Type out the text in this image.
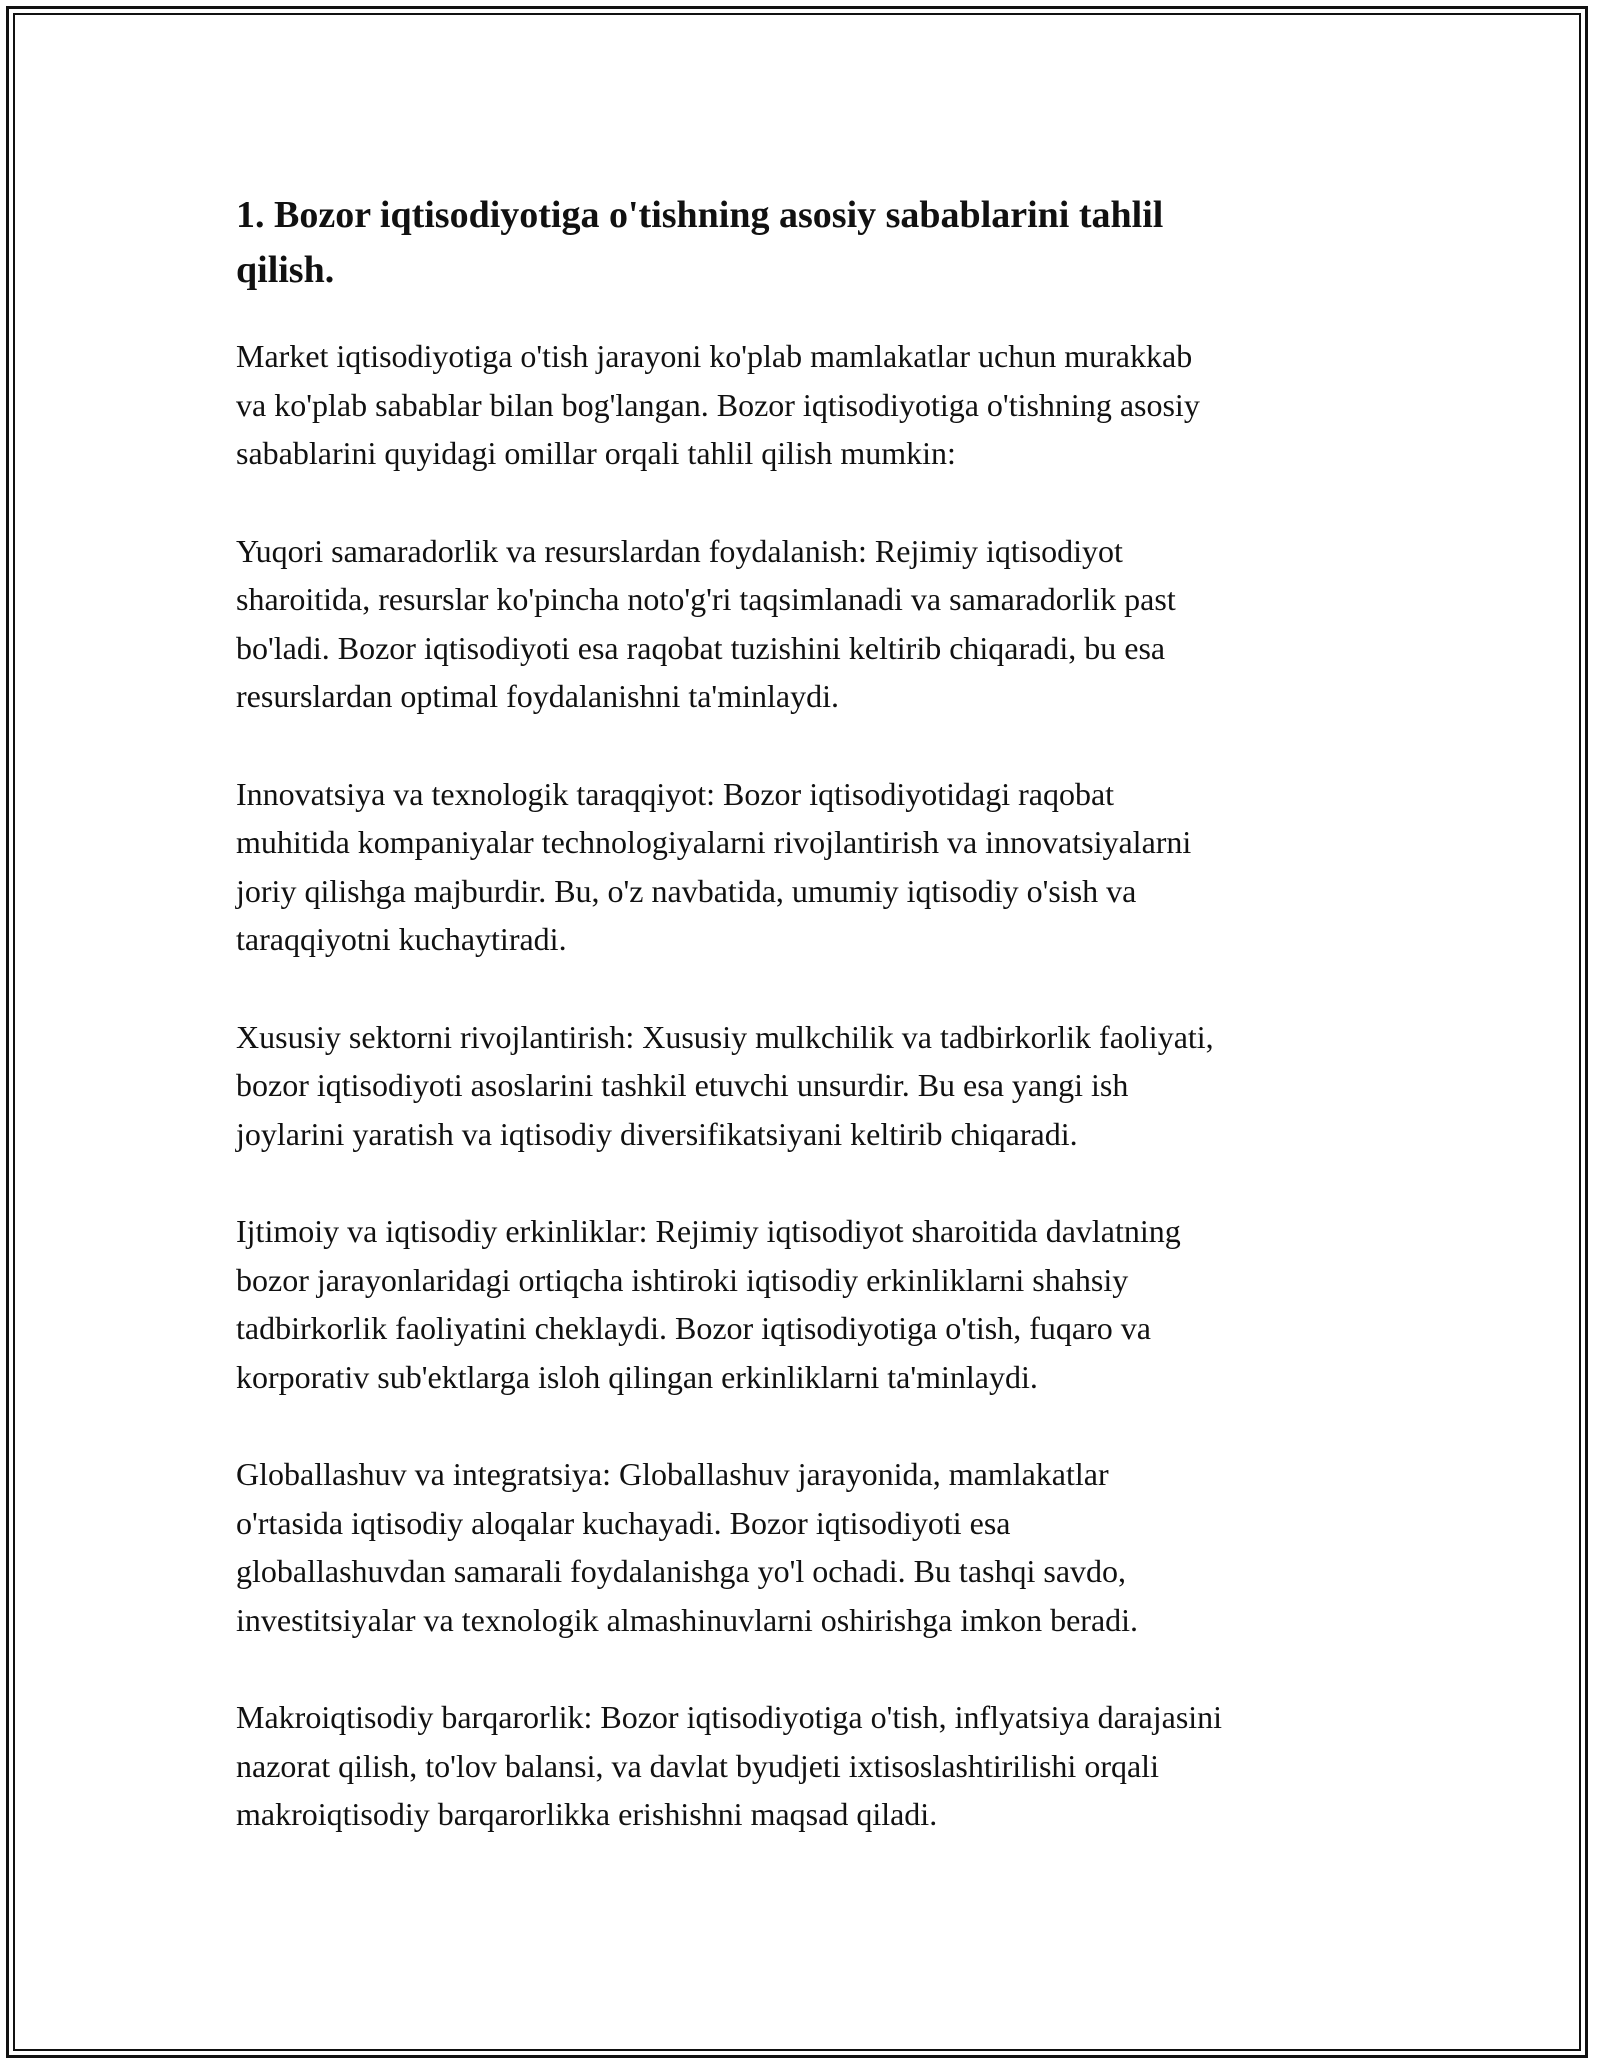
1. Bozor iqtisodiyotiga o'tishning asosiy sabablarini tahlil
qilish.

Market iqtisodiyotiga o'tish jarayoni ko'plab mamlakatlar uchun murakkab
va ko'plab sabablar bilan bog'langan. Bozor iqtisodiyotiga o'tishning asosiy
sabablarini quyidagi omillar orqali tahlil qilish mumkin:

Yuqori samaradorlik va resurslardan foydalanish: Rejimiy iqtisodiyot
sharoitida, resurslar ko'pincha noto'g'ri taqsimlanadi va samaradorlik past
bo'ladi. Bozor iqtisodiyoti esa raqobat tuzishini keltirib chiqaradi, bu esa
resurslardan optimal foydalanishni ta'minlaydi.

Innovatsiya va texnologik taraqqiyot: Bozor iqtisodiyotidagi raqobat
muhitida kompaniyalar technologiyalarni rivojlantirish va innovatsiyalarni
joriy qilishga majburdir. Bu, o'z navbatida, umumiy iqtisodiy o'sish va
taraqqiyotni kuchaytiradi.

Xususiy sektorni rivojlantirish: Xususiy mulkchilik va tadbirkorlik faoliyati,
bozor iqtisodiyoti asoslarini tashkil etuvchi unsurdir. Bu esa yangi ish
joylarini yaratish va iqtisodiy diversifikatsiyani keltirib chiqaradi.

Ijtimoiy va iqtisodiy erkinliklar: Rejimiy iqtisodiyot sharoitida davlatning
bozor jarayonlaridagi ortiqcha ishtiroki iqtisodiy erkinliklarni shahsiy
tadbirkorlik faoliyatini cheklaydi. Bozor iqtisodiyotiga o'tish, fuqaro va
korporativ sub'ektlarga isloh qilingan erkinliklarni ta'minlaydi.

Globallashuv va integratsiya: Globallashuv jarayonida, mamlakatlar
o'rtasida iqtisodiy aloqalar kuchayadi. Bozor iqtisodiyoti esa
globallashuvdan samarali foydalanishga yo'l ochadi. Bu tashqi savdo,
investitsiyalar va texnologik almashinuvlarni oshirishga imkon beradi.

Makroiqtisodiy barqarorlik: Bozor iqtisodiyotiga o'tish, inflyatsiya darajasini
nazorat qilish, to'lov balansi, va davlat byudjeti ixtisoslashtirilishi orqali
makroiqtisodiy barqarorlikka erishishni maqsad qiladi.
